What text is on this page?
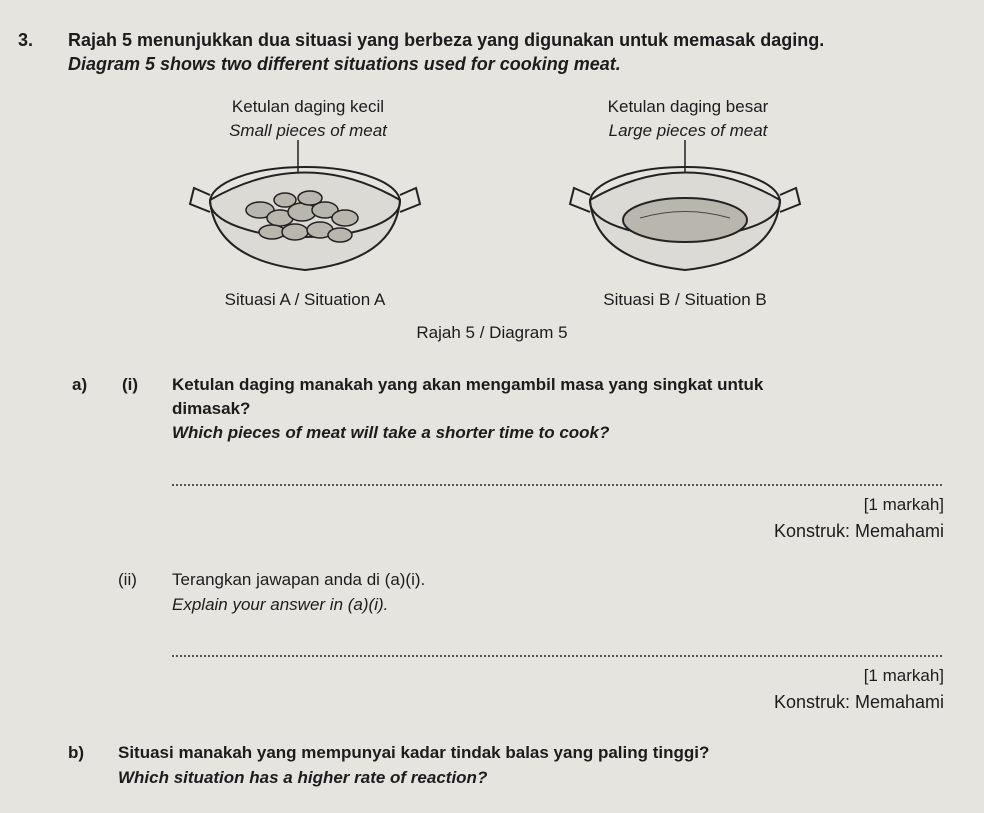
3. Rajah 5 menunjukkan dua situasi yang berbeza yang digunakan untuk memasak daging.
Diagram 5 shows two different situations used for cooking meat.
Ketulan daging kecil
Small pieces of meat
Ketulan daging besar
Large pieces of meat
Situasi A / Situation A	Situasi B / Situation B
Rajah 5 / Diagram 5
a) (i) Ketulan daging manakah yang akan mengambil masa yang singkat untuk
dimasak?
Which pieces of meat will take a shorter time to cook?
[1 markah]
Konstruk: Memahami
(ii) Terangkan jawapan anda di (a)(i).
Explain your answer in (a)(i).
[1 markah]
Konstruk: Memahami
b) Situasi manakah yang mempunyai kadar tindak balas yang paling tinggi?
Which situation has a higher rate of reaction?
